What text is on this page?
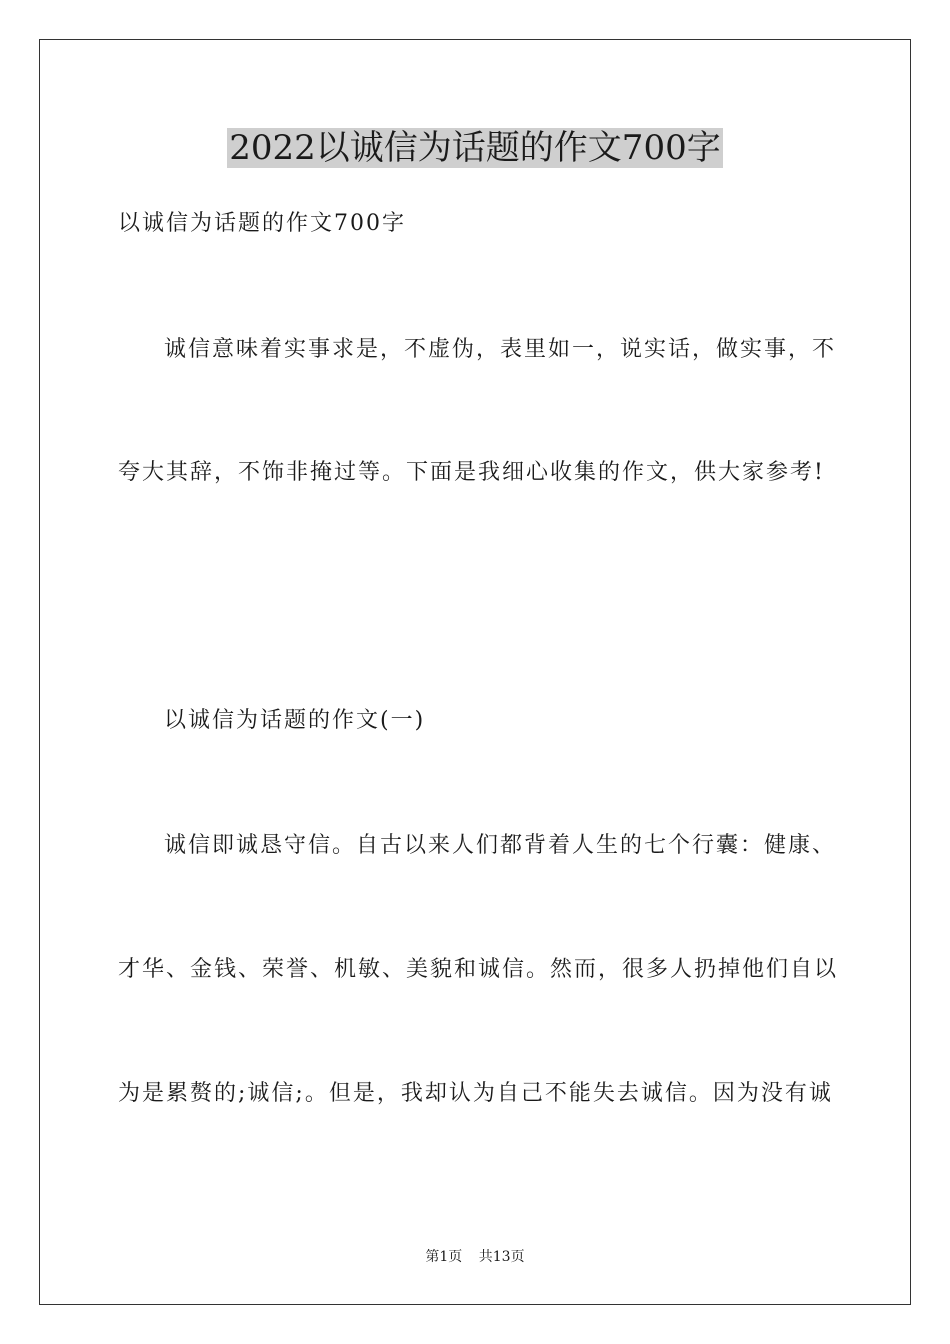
2022以诚信为话题的作文700字
以诚信为话题的作文700字
诚信意味着实事求是，不虚伪，表里如一，说实话，做实事，不
夸大其辞，不饰非掩过等。下面是我细心收集的作文，供大家参考!
以诚信为话题的作文(一)
诚信即诚恳守信。自古以来人们都背着人生的七个行囊：健康、
才华、金钱、荣誉、机敏、美貌和诚信。然而，很多人扔掉他们自以
为是累赘的;诚信;。但是，我却认为自己不能失去诚信。因为没有诚
第1页 共13页
